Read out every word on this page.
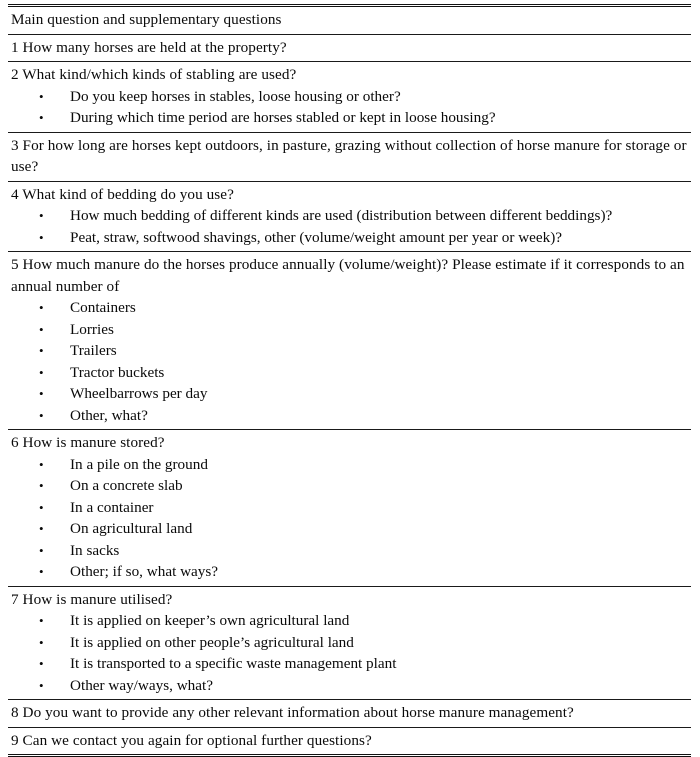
Main question and supplementary questions

1 How many horses are held at the property?

2 What kind/which kinds of stabling are used?
• Do you keep horses in stables, loose housing or other?
• During which time period are horses stabled or kept in loose housing?

3 For how long are horses kept outdoors, in pasture, grazing without collection of horse manure for storage or use?

4 What kind of bedding do you use?
• How much bedding of different kinds are used (distribution between different beddings)?
• Peat, straw, softwood shavings, other (volume/weight amount per year or week)?

5 How much manure do the horses produce annually (volume/weight)? Please estimate if it corresponds to an annual number of
• Containers
• Lorries
• Trailers
• Tractor buckets
• Wheelbarrows per day
• Other, what?

6 How is manure stored?
• In a pile on the ground
• On a concrete slab
• In a container
• On agricultural land
• In sacks
• Other; if so, what ways?

7 How is manure utilised?
• It is applied on keeper’s own agricultural land
• It is applied on other people’s agricultural land
• It is transported to a specific waste management plant
• Other way/ways, what?

8 Do you want to provide any other relevant information about horse manure management?

9 Can we contact you again for optional further questions?
